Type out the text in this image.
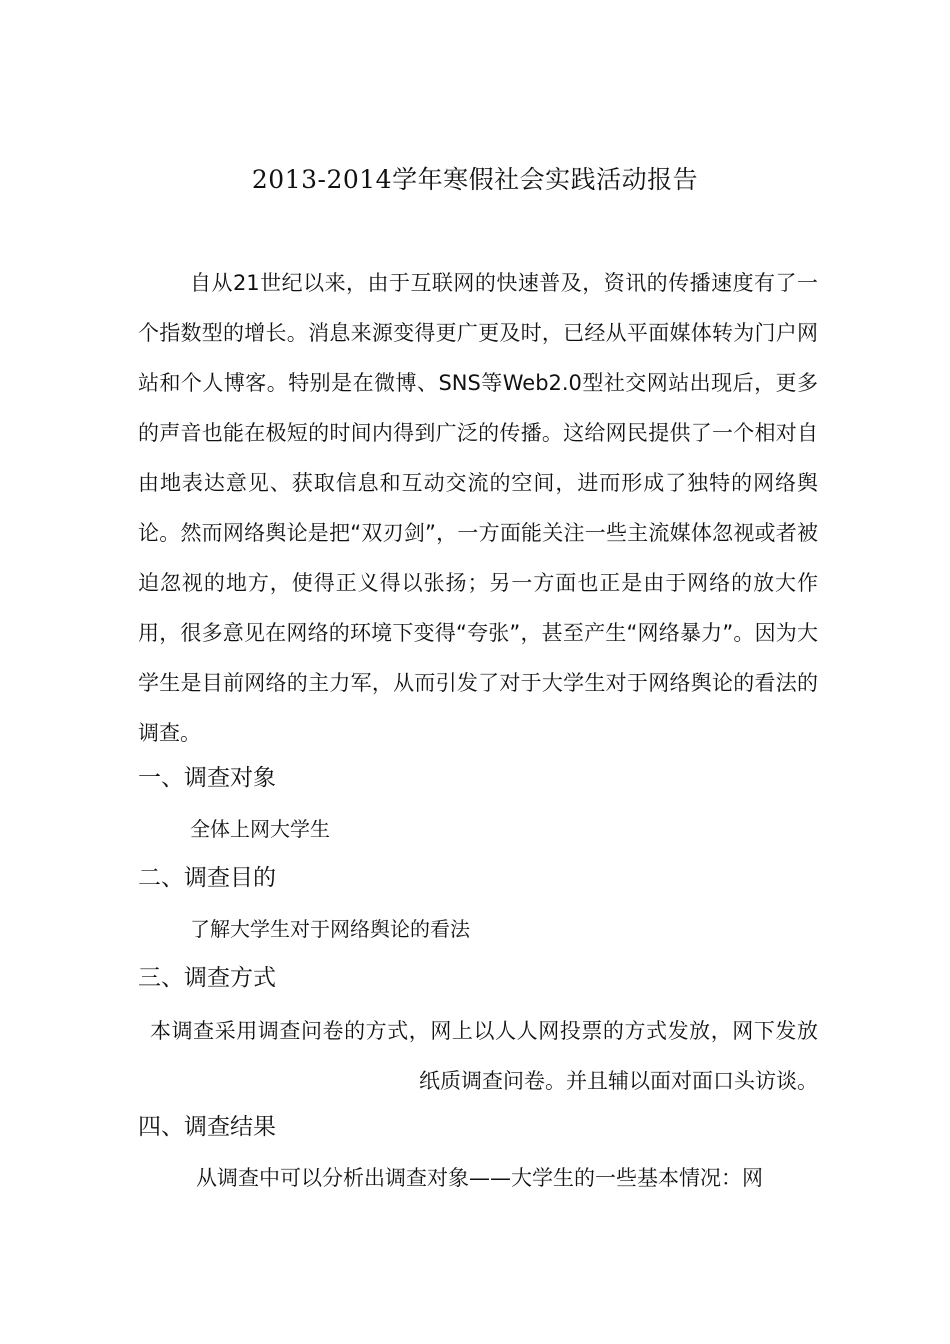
2013-2014学年寒假社会实践活动报告

自从21世纪以来，由于互联网的快速普及，资讯的传播速度有了一个指数型的增长。消息来源变得更广更及时，已经从平面媒体转为门户网站和个人博客。特别是在微博、SNS等Web2.0型社交网站出现后，更多的声音也能在极短的时间内得到广泛的传播。这给网民提供了一个相对自由地表达意见、获取信息和互动交流的空间，进而形成了独特的网络舆论。然而网络舆论是把“双刃剑”，一方面能关注一些主流媒体忽视或者被迫忽视的地方，使得正义得以张扬；另一方面也正是由于网络的放大作用，很多意见在网络的环境下变得“夸张”，甚至产生“网络暴力”。因为大学生是目前网络的主力军，从而引发了对于大学生对于网络舆论的看法的调查。

一、调查对象

全体上网大学生

二、调查目的

了解大学生对于网络舆论的看法

三、调查方式

本调查采用调查问卷的方式，网上以人人网投票的方式发放，网下发放纸质调查问卷。并且辅以面对面口头访谈。

四、调查结果

从调查中可以分析出调查对象——大学生的一些基本情况：网
